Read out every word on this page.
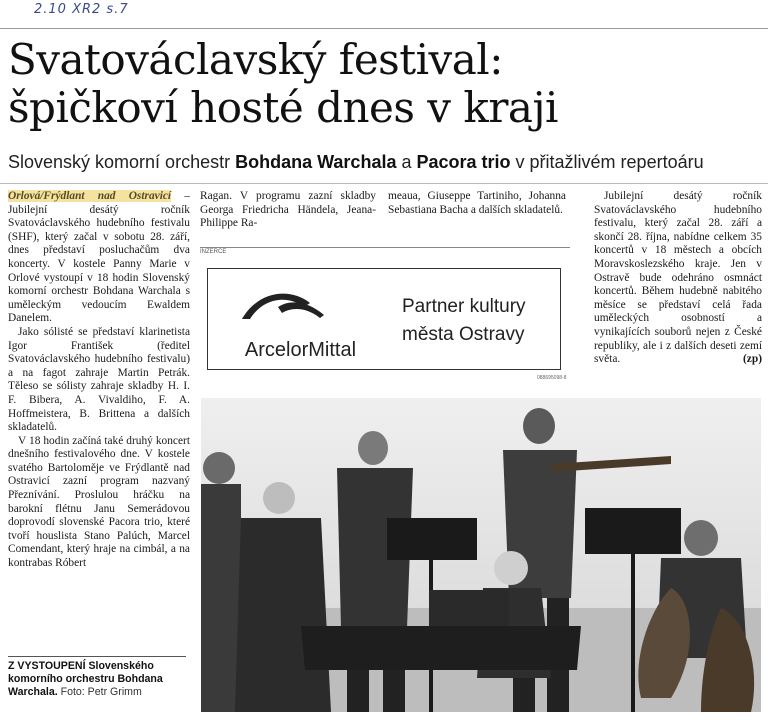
2.10 XR2 s.7
Svatováclavský festival:
špičkoví hosté dnes v kraji
Slovenský komorní orchestr Bohdana Warchala a Pacora trio v přitažlivém repertoáru

Orlová/Frýdlant nad Ostravicí – Jubilejní desátý ročník Svatováclavského hudebního festivalu (SHF), který začal v sobotu 28. září, dnes představí posluchačům dva koncerty. V kostele Panny Marie v Orlové vystoupí v 18 hodin Slovenský komorní orchestr Bohdana Warchala s uměleckým vedoucím Ewaldem Danelem.

Jako sólisté se představí klarinetista Igor František (ředitel Svatováclavského hudebního festivalu) a na fagot zahraje Martin Petrák. Těleso se sólisty zahraje skladby H. I. F. Bibera, A. Vivaldiho, F. A. Hoffmeistera, B. Brittena a dalších skladatelů.

V 18 hodin začíná také druhý koncert dnešního festivalového dne. V kostele svatého Bartoloměje ve Frýdlantě nad Ostravicí zazní program nazvaný Přeznívání. Proslulou hráčku na barokní flétnu Janu Semerádovou doprovodí slovenské Pacora trio, které tvoří houslista Stano Palúch, Marcel Comendant, který hraje na cimbál, a na kontrabas Róbert

Ragan. V programu zazní skladby Georga Friedricha Händela, Jeana-Philippe Ra-

meaua, Giuseppe Tartiniho, Johanna Sebastiana Bacha a dalších skladatelů.

Jubilejní desátý ročník Svatováclavského hudebního festivalu, který začal 28. září a skončí 28. října, nabídne celkem 35 koncertů v 18 městech a obcích Moravskoslezského kraje. Jen v Ostravě bude odehráno osmnáct koncertů. Během hudebně nabitého měsíce se představí celá řada uměleckých osobností a vynikajících souborů nejen z České republiky, ale i z dalších deseti zemí světa.	(zp)

INZERCE
ArcelorMittal
Partner kultury
města Ostravy
088695098-8
Z VYSTOUPENÍ Slovenského komorního orchestru Bohdana Warchala. Foto: Petr Grimm
